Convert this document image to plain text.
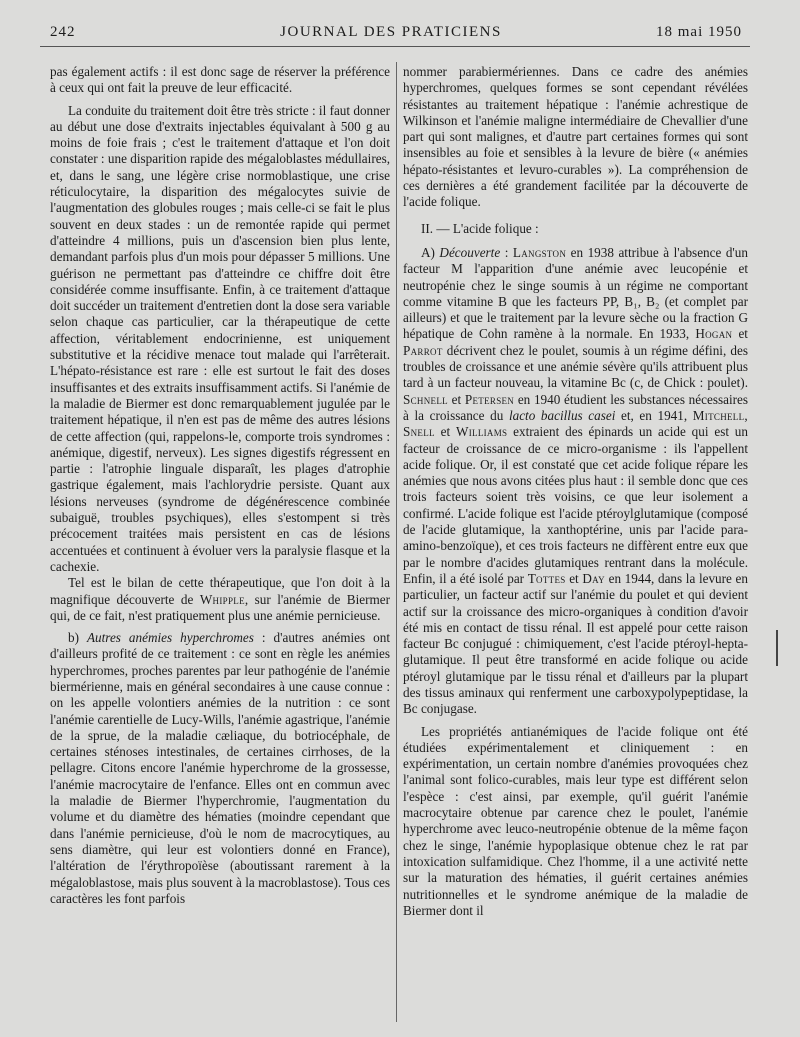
242	JOURNAL DES PRATICIENS	18 mai 1950

pas également actifs : il est donc sage de réserver la préférence à ceux qui ont fait la preuve de leur efficacité.

La conduite du traitement doit être très stricte : il faut donner au début une dose d'extraits injectables équivalant à 500 g au moins de foie frais ; c'est le traitement d'attaque et l'on doit constater : une disparition rapide des mégaloblastes médullaires, et, dans le sang, une légère crise normoblastique, une crise réticulocytaire, la disparition des mégalocytes suivie de l'augmentation des globules rouges ; mais celle-ci se fait le plus souvent en deux stades : un de remontée rapide qui permet d'atteindre 4 millions, puis un d'ascension bien plus lente, demandant parfois plus d'un mois pour dépasser 5 millions. Une guérison ne permettant pas d'atteindre ce chiffre doit être considérée comme insuffisante. Enfin, à ce traitement d'attaque doit succéder un traitement d'entretien dont la dose sera variable selon chaque cas particulier, car la thérapeutique de cette affection, véritablement endocrinienne, est uniquement substitutive et la récidive menace tout malade qui l'arrêterait. L'hépato-résistance est rare : elle est surtout le fait des doses insuffisantes et des extraits insuffisamment actifs. Si l'anémie de la maladie de Biermer est donc remarquablement jugulée par le traitement hépatique, il n'en est pas de même des autres lésions de cette affection (qui, rappelons-le, comporte trois syndromes : anémique, digestif, nerveux). Les signes digestifs régressent en partie : l'atrophie linguale disparaît, les plages d'atrophie gastrique également, mais l'achlorydrie persiste. Quant aux lésions nerveuses (syndrome de dégénérescence combinée subaiguë, troubles psychiques), elles s'estompent si très précocement traitées mais persistent en cas de lésions accentuées et continuent à évoluer vers la paralysie flasque et la cachexie.

Tel est le bilan de cette thérapeutique, que l'on doit à la magnifique découverte de Whipple, sur l'anémie de Biermer qui, de ce fait, n'est pratiquement plus une anémie pernicieuse.

b) Autres anémies hyperchromes : d'autres anémies ont d'ailleurs profité de ce traitement : ce sont en règle les anémies hyperchromes, proches parentes par leur pathogénie de l'anémie biermérienne, mais en général secondaires à une cause connue : on les appelle volontiers anémies de la nutrition : ce sont l'anémie carentielle de Lucy-Wills, l'anémie agastrique, l'anémie de la sprue, de la maladie cæliaque, du botriocéphale, de certaines sténoses intestinales, de certaines cirrhoses, de la pellagre. Citons encore l'anémie hyperchrome de la grossesse, l'anémie macrocytaire de l'enfance. Elles ont en commun avec la maladie de Biermer l'hyperchromie, l'augmentation du volume et du diamètre des hématies (moindre cependant que dans l'anémie pernicieuse, d'où le nom de macrocytiques, au sens diamètre, qui leur est volontiers donné en France), l'altération de l'érythropoïèse (aboutissant rarement à la mégaloblastose, mais plus souvent à la macroblastose). Tous ces caractères les font parfois

nommer parabiermériennes. Dans ce cadre des anémies hyperchromes, quelques formes se sont cependant révélées résistantes au traitement hépatique : l'anémie achrestique de Wilkinson et l'anémie maligne intermédiaire de Chevallier d'une part qui sont malignes, et d'autre part certaines formes qui sont insensibles au foie et sensibles à la levure de bière (« anémies hépato-résistantes et levuro-curables »). La compréhension de ces dernières a été grandement facilitée par la découverte de l'acide folique.

II. — L'acide folique :

A) Découverte : Langston en 1938 attribue à l'absence d'un facteur M l'apparition d'une anémie avec leucopénie et neutropénie chez le singe soumis à un régime ne comportant comme vitamine B que les facteurs PP, B₁, B₂ (et complet par ailleurs) et que le traitement par la levure sèche ou la fraction G hépatique de Cohn ramène à la normale. En 1933, Hogan et Parrot décrivent chez le poulet, soumis à un régime défini, des troubles de croissance et une anémie sévère qu'ils attribuent plus tard à un facteur nouveau, la vitamine Bc (c, de Chick : poulet). Schnell et Petersen en 1940 étudient les substances nécessaires à la croissance du lacto bacillus casei et, en 1941, Mitchell, Snell et Williams extraient des épinards un acide qui est un facteur de croissance de ce micro-organisme : ils l'appellent acide folique. Or, il est constaté que cet acide folique répare les anémies que nous avons citées plus haut : il semble donc que ces trois facteurs soient très voisins, ce que leur isolement a confirmé. L'acide folique est l'acide ptéroylglutamique (composé de l'acide glutamique, la xanthoptérine, unis par l'acide para-amino-benzoïque), et ces trois facteurs ne diffèrent entre eux que par le nombre d'acides glutamiques rentrant dans la molécule. Enfin, il a été isolé par Tottes et Day en 1944, dans la levure en particulier, un facteur actif sur l'anémie du poulet et qui devient actif sur la croissance des micro-organiques à condition d'avoir été mis en contact de tissu rénal. Il est appelé pour cette raison facteur Bc conjugué : chimiquement, c'est l'acide ptéroyl-hepta-glutamique. Il peut être transformé en acide folique ou acide ptéroyl glutamique par le tissu rénal et d'ailleurs par la plupart des tissus aminaux qui renferment une carboxypolypeptidase, la Bc conjugase.

Les propriétés antianémiques de l'acide folique ont été étudiées expérimentalement et cliniquement : en expérimentation, un certain nombre d'anémies provoquées chez l'animal sont folico-curables, mais leur type est différent selon l'espèce : c'est ainsi, par exemple, qu'il guérit l'anémie macrocytaire obtenue par carence chez le poulet, l'anémie hyperchrome avec leuco-neutropénie obtenue de la même façon chez le singe, l'anémie hypoplasique obtenue chez le rat par intoxication sulfamidique. Chez l'homme, il a une activité nette sur la maturation des hématies, il guérit certaines anémies nutritionnelles et le syndrome anémique de la maladie de Biermer dont il
